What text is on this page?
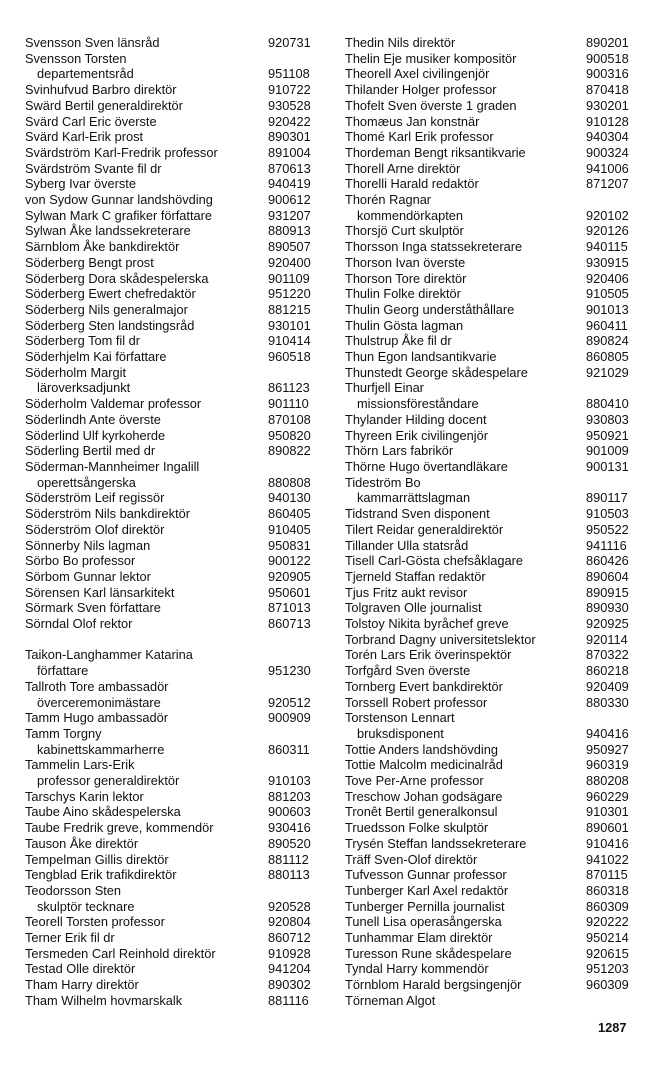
Svensson Sven länsråd	920731
Svensson Torsten
departementsråd	951108
Svinhufvud Barbro direktör	910722
Swärd Bertil generaldirektör	930528
Svärd Carl Eric överste	920422
Svärd Karl-Erik prost	890301
Svärdström Karl-Fredrik professor	891004
Svärdström Svante fil dr	870613
Syberg Ivar överste	940419
von Sydow Gunnar landshövding	900612
Sylwan Mark C grafiker författare	931207
Sylwan Åke landssekreterare	880913
Särnblom Åke bankdirektör	890507
Söderberg Bengt prost	920400
Söderberg Dora skådespelerska	901109
Söderberg Ewert chefredaktör	951220
Söderberg Nils generalmajor	881215
Söderberg Sten landstingsråd	930101
Söderberg Tom fil dr	910414
Söderhjelm Kai författare	960518
Söderholm Margit
läroverksadjunkt	861123
Söderholm Valdemar professor	901110
Söderlindh Ante överste	870108
Söderlind Ulf kyrkoherde	950820
Söderling Bertil med dr	890822
Söderman-Mannheimer Ingalill
operettsångerska	880808
Söderström Leif regissör	940130
Söderström Nils bankdirektör	860405
Söderström Olof direktör	910405
Sönnerby Nils lagman	950831
Sörbo Bo professor	900122
Sörbom Gunnar lektor	920905
Sörensen Karl länsarkitekt	950601
Sörmark Sven författare	871013
Sörndal Olof rektor	860713
Taikon-Langhammer Katarina
författare	951230
Tallroth Tore ambassadör
överceremonimästare	920512
Tamm Hugo ambassadör	900909
Tamm Torgny
kabinettskammarherre	860311
Tammelin Lars-Erik
professor generaldirektör	910103
Tarschys Karin lektor	881203
Taube Aino skådespelerska	900603
Taube Fredrik greve, kommendör	930416
Tauson Åke direktör	890520
Tempelman Gillis direktör	881112
Tengblad Erik trafikdirektör	880113
Teodorsson Sten
skulptör tecknare	920528
Teorell Torsten professor	920804
Terner Erik fil dr	860712
Tersmeden Carl Reinhold direktör	910928
Testad Olle direktör	941204
Tham Harry direktör	890302
Tham Wilhelm hovmarskalk	881116
Thedin Nils direktör	890201
Thelin Eje musiker kompositör	900518
Theorell Axel civilingenjör	900316
Thilander Holger professor	870418
Thofelt Sven överste 1 graden	930201
Thomæus Jan konstnär	910128
Thomé Karl Erik professor	940304
Thordeman Bengt riksantikvarie	900324
Thorell Arne direktör	941006
Thorelli Harald redaktör	871207
Thorén Ragnar
kommendörkapten	920102
Thorsjö Curt skulptör	920126
Thorsson Inga statssekreterare	940115
Thorson Ivan överste	930915
Thorson Tore direktör	920406
Thulin Folke direktör	910505
Thulin Georg underståthållare	901013
Thulin Gösta lagman	960411
Thulstrup Åke fil dr	890824
Thun Egon landsantikvarie	860805
Thunstedt George skådespelare	921029
Thurfjell Einar
missionsföreståndare	880410
Thylander Hilding docent	930803
Thyreen Erik civilingenjör	950921
Thörn Lars fabrikör	901009
Thörne Hugo övertandläkare	900131
Tideström Bo
kammarrättslagman	890117
Tidstrand Sven disponent	910503
Tilert Reidar generaldirektör	950522
Tillander Ulla statsråd	941116
Tisell Carl-Gösta chefsåklagare	860426
Tjerneld Staffan redaktör	890604
Tjus Fritz aukt revisor	890915
Tolgraven Olle journalist	890930
Tolstoy Nikita byråchef greve	920925
Torbrand Dagny universitetslektor	920114
Torén Lars Erik överinspektör	870322
Torfgård Sven överste	860218
Tornberg Evert bankdirektör	920409
Torssell Robert professor	880330
Torstenson Lennart
bruksdisponent	940416
Tottie Anders landshövding	950927
Tottie Malcolm medicinalråd	960319
Tove Per-Arne professor	880208
Treschow Johan godsägare	960229
Tronêt Bertil generalkonsul	910301
Truedsson Folke skulptör	890601
Trysén Steffan landssekreterare	910416
Träff Sven-Olof direktör	941022
Tufvesson Gunnar professor	870115
Tunberger Karl Axel redaktör	860318
Tunberger Pernilla journalist	860309
Tunell Lisa operasångerska	920222
Tunhammar Elam direktör	950214
Turesson Rune skådespelare	920615
Tyndal Harry kommendör	951203
Törnblom Harald bergsingenjör	960309
Törneman Algot
1287
